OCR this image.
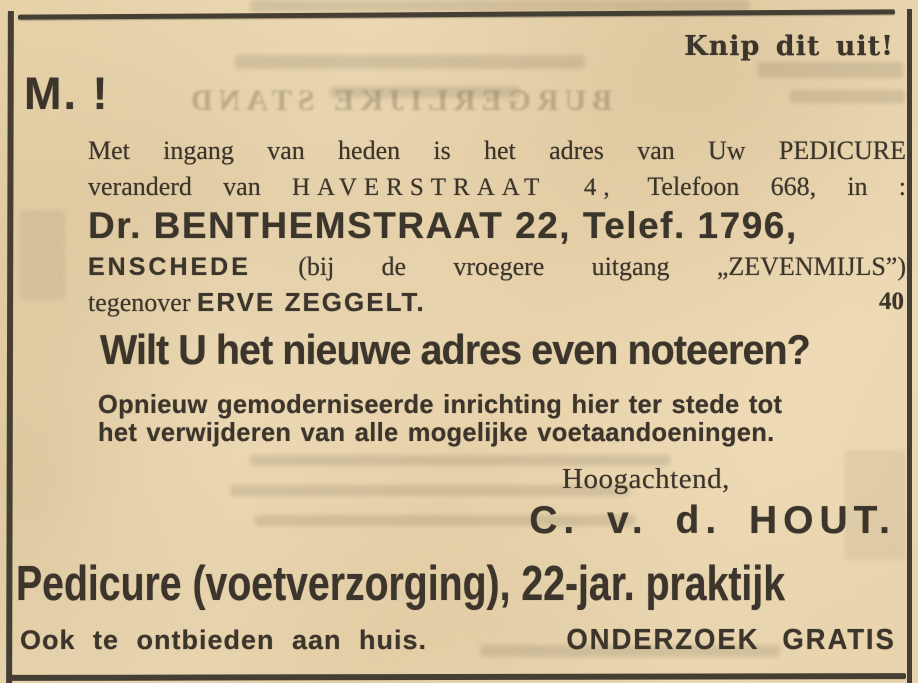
BURGERLIJKE STAND
Knip dit uit!
M. !
Met ingang van heden is het adres van Uw PEDICURE
veranderd van HAVERSTRAAT 4, Telefoon 668, in :
Dr. BENTHEMSTRAAT 22, Telef. 1796,
ENSCHEDE (bij de vroegere uitgang „ZEVENMIJLS”)
tegenover ERVE ZEGGELT.	40
Wilt U het nieuwe adres even noteeren?
Opnieuw gemoderniseerde inrichting hier ter stede tot
het verwijderen van alle mogelijke voetaandoeningen.
Hoogachtend,
C. v. d. HOUT.
Pedicure (voetverzorging), 22-jar. praktijk
Ook te ontbieden aan huis.	ONDERZOEK GRATIS
